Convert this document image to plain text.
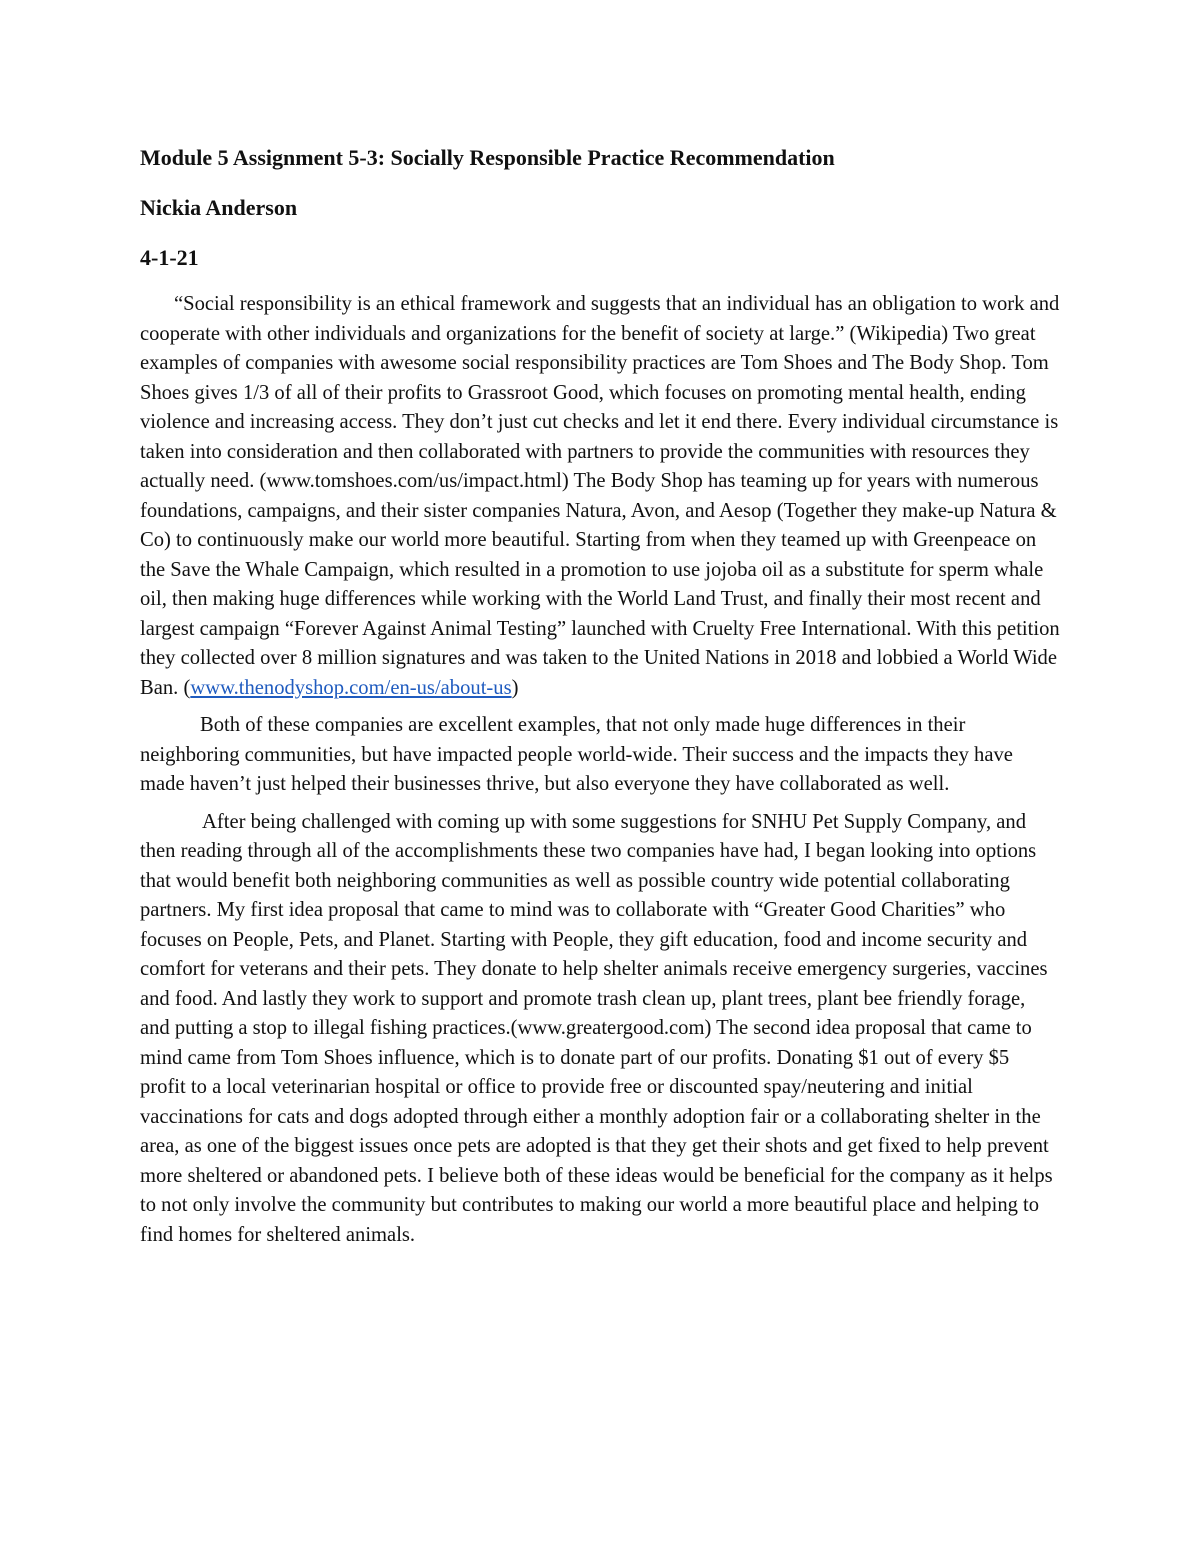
Module 5 Assignment 5-3: Socially Responsible Practice Recommendation
Nickia Anderson
4-1-21

“Social responsibility is an ethical framework and suggests that an individual has an obligation to work and cooperate with other individuals and organizations for the benefit of society at large.” (Wikipedia) Two great examples of companies with awesome social responsibility practices are Tom Shoes and The Body Shop. Tom Shoes gives 1/3 of all of their profits to Grassroot Good, which focuses on promoting mental health, ending violence and increasing access. They don’t just cut checks and let it end there. Every individual circumstance is taken into consideration and then collaborated with partners to provide the communities with resources they actually need. (www.tomshoes.com/us/impact.html) The Body Shop has teaming up for years with numerous foundations, campaigns, and their sister companies Natura, Avon, and Aesop (Together they make-up Natura & Co) to continuously make our world more beautiful. Starting from when they teamed up with Greenpeace on the Save the Whale Campaign, which resulted in a promotion to use jojoba oil as a substitute for sperm whale oil, then making huge differences while working with the World Land Trust, and finally their most recent and largest campaign “Forever Against Animal Testing” launched with Cruelty Free International. With this petition they collected over 8 million signatures and was taken to the United Nations in 2018 and lobbied a World Wide Ban. (www.thenodyshop.com/en-us/about-us)

Both of these companies are excellent examples, that not only made huge differences in their neighboring communities, but have impacted people world-wide. Their success and the impacts they have made haven’t just helped their businesses thrive, but also everyone they have collaborated as well.

After being challenged with coming up with some suggestions for SNHU Pet Supply Company, and then reading through all of the accomplishments these two companies have had, I began looking into options that would benefit both neighboring communities as well as possible country wide potential collaborating partners. My first idea proposal that came to mind was to collaborate with “Greater Good Charities” who focuses on People, Pets, and Planet. Starting with People, they gift education, food and income security and comfort for veterans and their pets. They donate to help shelter animals receive emergency surgeries, vaccines and food. And lastly they work to support and promote trash clean up, plant trees, plant bee friendly forage, and putting a stop to illegal fishing practices.(www.greatergood.com) The second idea proposal that came to mind came from Tom Shoes influence, which is to donate part of our profits. Donating $1 out of every $5 profit to a local veterinarian hospital or office to provide free or discounted spay/neutering and initial vaccinations for cats and dogs adopted through either a monthly adoption fair or a collaborating shelter in the area, as one of the biggest issues once pets are adopted is that they get their shots and get fixed to help prevent more sheltered or abandoned pets. I believe both of these ideas would be beneficial for the company as it helps to not only involve the community but contributes to making our world a more beautiful place and helping to find homes for sheltered animals.
